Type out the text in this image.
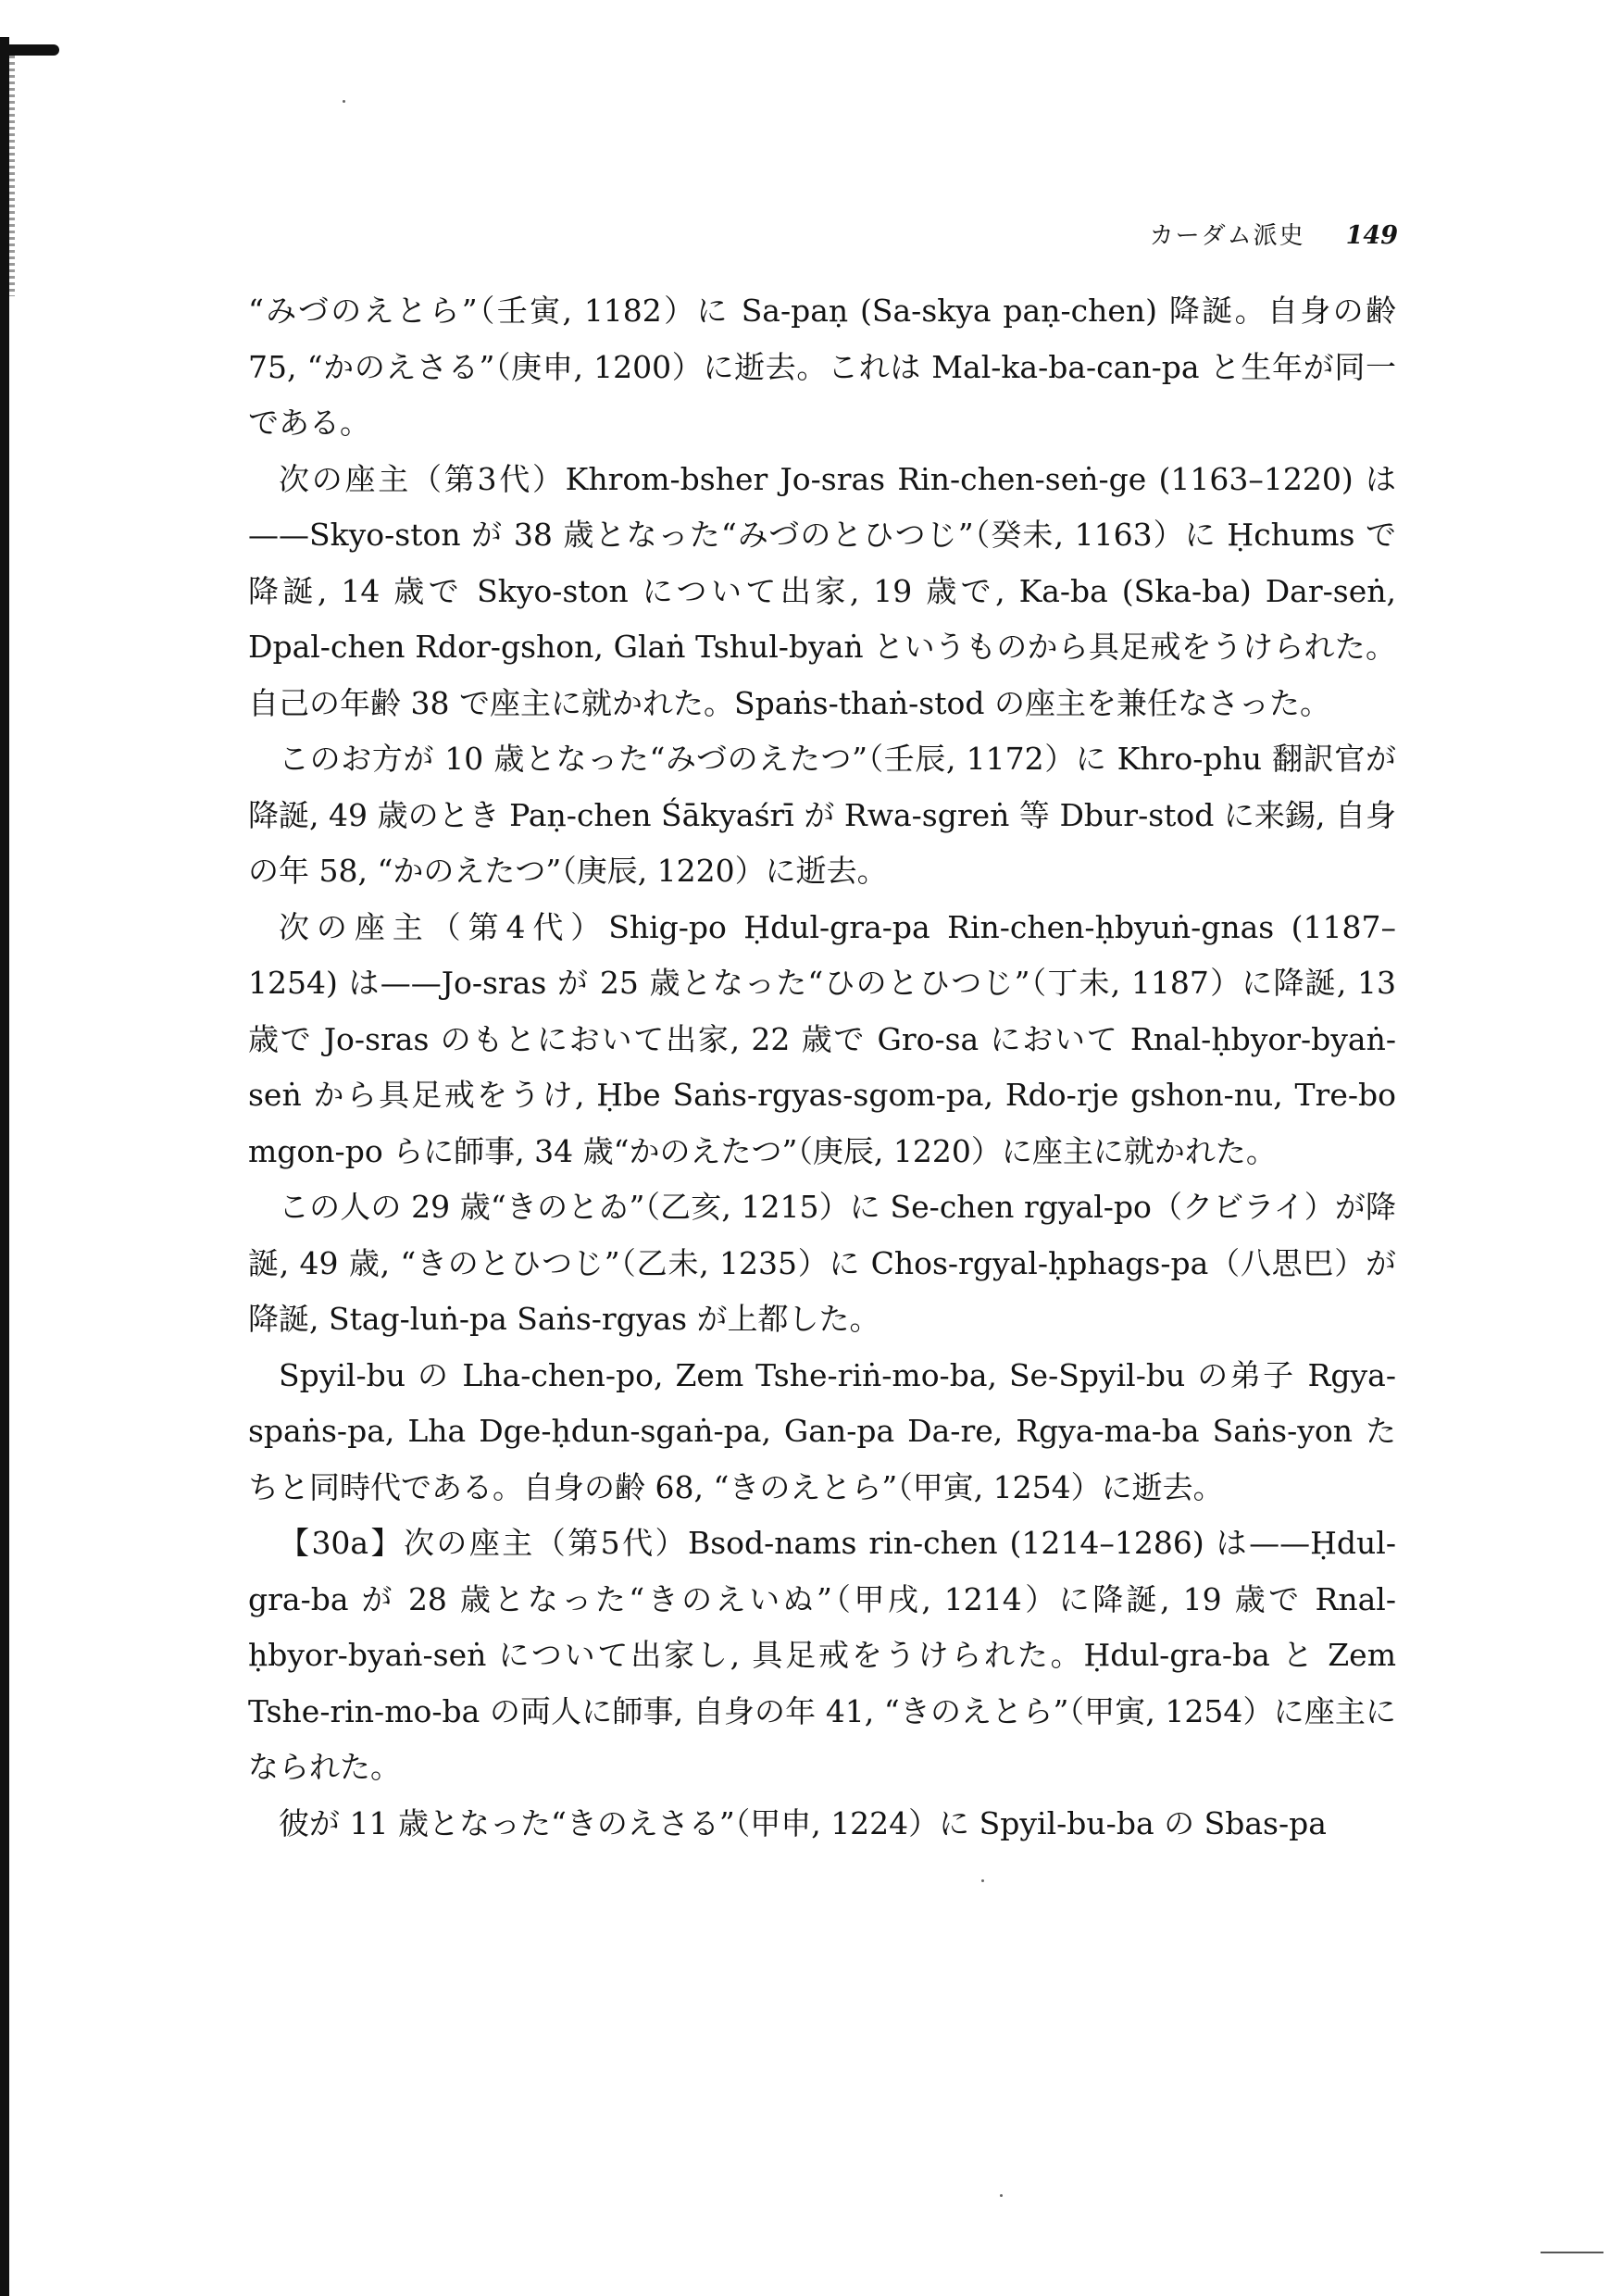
カーダム派史 149

“みづのえとら”（壬寅, 1182）に Sa-paṇ (Sa-skya paṇ-chen) 降誕。自身の齢 75, “かのえさる”（庚申, 1200）に逝去。これは Mal-ka-ba-can-pa と生年が同一である。

次の座主（第3代）Khrom-bsher Jo-sras Rin-chen-seṅ-ge (1163–1220) は——Skyo-ston が 38 歳となった“みづのとひつじ”（癸未, 1163）に Ḥchums で降誕, 14 歳で Skyo-ston について出家, 19 歳で, Ka-ba (Ska-ba) Dar-seṅ, Dpal-chen Rdor-gshon, Glaṅ Tshul-byaṅ というものから具足戒をうけられた。自己の年齢 38 で座主に就かれた。Spaṅs-thaṅ-stod の座主を兼任なさった。

このお方が 10 歳となった“みづのえたつ”（壬辰, 1172）に Khro-phu 翻訳官が降誕, 49 歳のとき Paṇ-chen Śākyaśrī が Rwa-sgreṅ 等 Dbur-stod に来錫, 自身の年 58, “かのえたつ”（庚辰, 1220）に逝去。

次の座主（第4代）Shig-po Ḥdul-gra-pa Rin-chen-ḥbyuṅ-gnas (1187–1254) は——Jo-sras が 25 歳となった“ひのとひつじ”（丁未, 1187）に降誕, 13 歳で Jo-sras のもとにおいて出家, 22 歳で Gro-sa において Rnal-ḥbyor-byaṅ-seṅ から具足戒をうけ, Ḥbe Saṅs-rgyas-sgom-pa, Rdo-rje gshon-nu, Tre-bo mgon-po らに師事, 34 歳“かのえたつ”（庚辰, 1220）に座主に就かれた。

この人の 29 歳“きのとゐ”（乙亥, 1215）に Se-chen rgyal-po（クビライ）が降誕, 49 歳, “きのとひつじ”（乙未, 1235）に Chos-rgyal-ḥphags-pa（八思巴）が降誕, Stag-luṅ-pa Saṅs-rgyas が上都した。

Spyil-bu の Lha-chen-po, Zem Tshe-riṅ-mo-ba, Se-Spyil-bu の弟子 Rgya-spaṅs-pa, Lha Dge-ḥdun-sgaṅ-pa, Gan-pa Da-re, Rgya-ma-ba Saṅs-yon たちと同時代である。自身の齢 68, “きのえとら”（甲寅, 1254）に逝去。

【30a】次の座主（第5代）Bsod-nams rin-chen (1214–1286) は——Ḥdul-gra-ba が 28 歳となった“きのえいぬ”（甲戌, 1214）に降誕, 19 歳で Rnal-ḥbyor-byaṅ-seṅ について出家し, 具足戒をうけられた。Ḥdul-gra-ba と Zem Tshe-rin-mo-ba の両人に師事, 自身の年 41, “きのえとら”（甲寅, 1254）に座主になられた。

彼が 11 歳となった“きのえさる”（甲申, 1224）に Spyil-bu-ba の Sbas-pa
